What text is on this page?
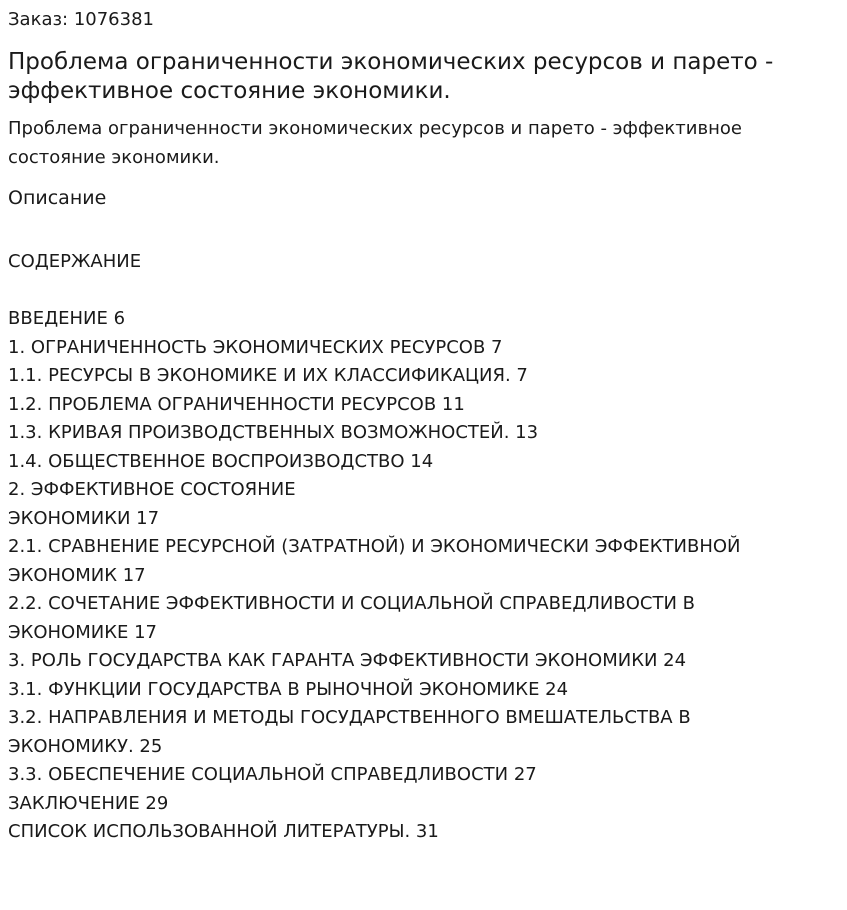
Заказ: 1076381

Проблема ограниченности экономических ресурсов и парето - эффективное состояние экономики.

Проблема ограниченности экономических ресурсов и парето - эффективное состояние экономики.

Описание

СОДЕРЖАНИЕ

ВВЕДЕНИЕ 6
1. ОГРАНИЧЕННОСТЬ ЭКОНОМИЧЕСКИХ РЕСУРСОВ 7
1.1. РЕСУРСЫ В ЭКОНОМИКЕ И ИХ КЛАССИФИКАЦИЯ. 7
1.2. ПРОБЛЕМА ОГРАНИЧЕННОСТИ РЕСУРСОВ 11
1.3. КРИВАЯ ПРОИЗВОДСТВЕННЫХ ВОЗМОЖНОСТЕЙ. 13
1.4. ОБЩЕСТВЕННОЕ ВОСПРОИЗВОДСТВО 14
2. ЭФФЕКТИВНОЕ СОСТОЯНИЕ
ЭКОНОМИКИ 17
2.1. СРАВНЕНИЕ РЕСУРСНОЙ (ЗАТРАТНОЙ) И ЭКОНОМИЧЕСКИ ЭФФЕКТИВНОЙ
ЭКОНОМИК 17
2.2. СОЧЕТАНИЕ ЭФФЕКТИВНОСТИ И СОЦИАЛЬНОЙ СПРАВЕДЛИВОСТИ В
ЭКОНОМИКЕ 17
3. РОЛЬ ГОСУДАРСТВА КАК ГАРАНТА ЭФФЕКТИВНОСТИ ЭКОНОМИКИ 24
3.1. ФУНКЦИИ ГОСУДАРСТВА В РЫНОЧНОЙ ЭКОНОМИКЕ 24
3.2. НАПРАВЛЕНИЯ И МЕТОДЫ ГОСУДАРСТВЕННОГО ВМЕШАТЕЛЬСТВА В
ЭКОНОМИКУ. 25
3.3. ОБЕСПЕЧЕНИЕ СОЦИАЛЬНОЙ СПРАВЕДЛИВОСТИ 27
ЗАКЛЮЧЕНИЕ 29
СПИСОК ИСПОЛЬЗОВАННОЙ ЛИТЕРАТУРЫ. 31
